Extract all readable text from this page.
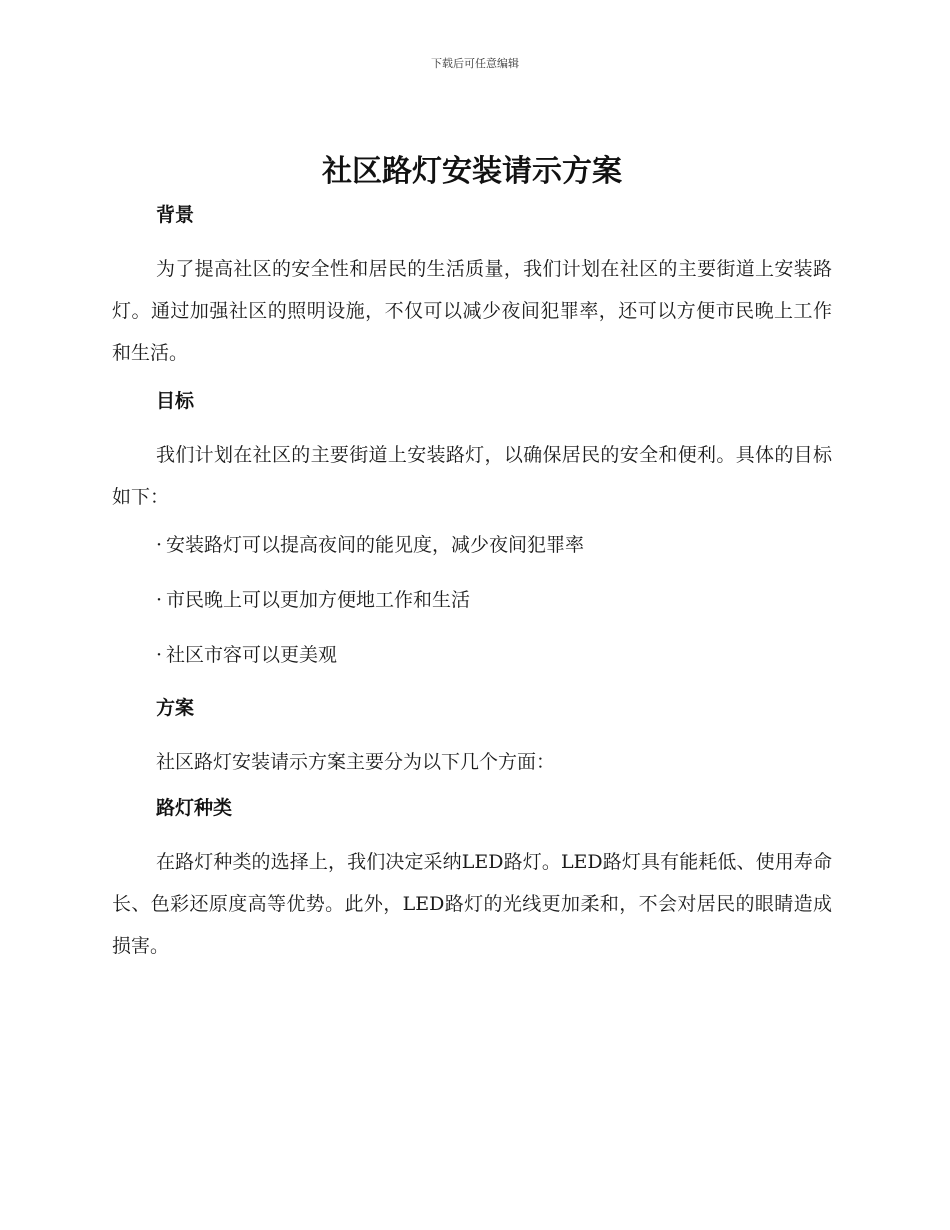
下载后可任意编辑
社区路灯安装请示方案
背景

为了提高社区的安全性和居民的生活质量，我们计划在社区的主要街道上安装路灯。通过加强社区的照明设施，不仅可以减少夜间犯罪率，还可以方便市民晚上工作和生活。

目标

我们计划在社区的主要街道上安装路灯，以确保居民的安全和便利。具体的目标如下：

· 安装路灯可以提高夜间的能见度，减少夜间犯罪率
· 市民晚上可以更加方便地工作和生活
· 社区市容可以更美观
方案

社区路灯安装请示方案主要分为以下几个方面：

路灯种类

在路灯种类的选择上，我们决定采纳LED路灯。LED路灯具有能耗低、使用寿命长、色彩还原度高等优势。此外，LED路灯的光线更加柔和，不会对居民的眼睛造成损害。
